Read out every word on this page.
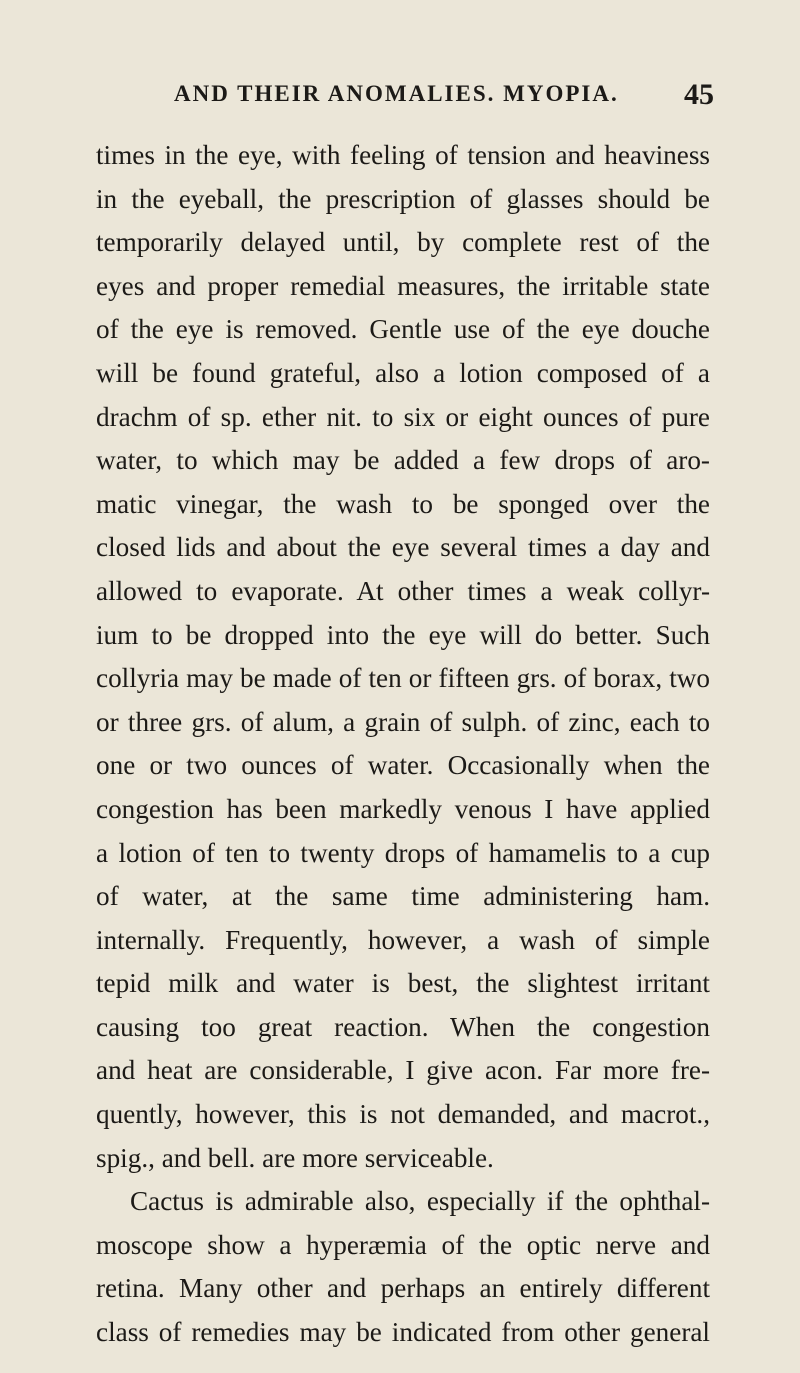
AND THEIR ANOMALIES. MYOPIA. 45
times in the eye, with feeling of tension and heaviness
in the eyeball, the prescription of glasses should be
temporarily delayed until, by complete rest of the
eyes and proper remedial measures, the irritable state
of the eye is removed. Gentle use of the eye douche
will be found grateful, also a lotion composed of a
drachm of sp. ether nit. to six or eight ounces of pure
water, to which may be added a few drops of aro-
matic vinegar, the wash to be sponged over the
closed lids and about the eye several times a day and
allowed to evaporate. At other times a weak collyr-
ium to be dropped into the eye will do better. Such
collyria may be made of ten or fifteen grs. of borax, two
or three grs. of alum, a grain of sulph. of zinc, each to
one or two ounces of water. Occasionally when the
congestion has been markedly venous I have applied
a lotion of ten to twenty drops of hamamelis to a cup
of water, at the same time administering ham.
internally. Frequently, however, a wash of simple
tepid milk and water is best, the slightest irritant
causing too great reaction. When the congestion
and heat are considerable, I give acon. Far more fre-
quently, however, this is not demanded, and macrot.,
spig., and bell. are more serviceable.
Cactus is admirable also, especially if the ophthal-
moscope show a hyperæmia of the optic nerve and
retina. Many other and perhaps an entirely different
class of remedies may be indicated from other general
